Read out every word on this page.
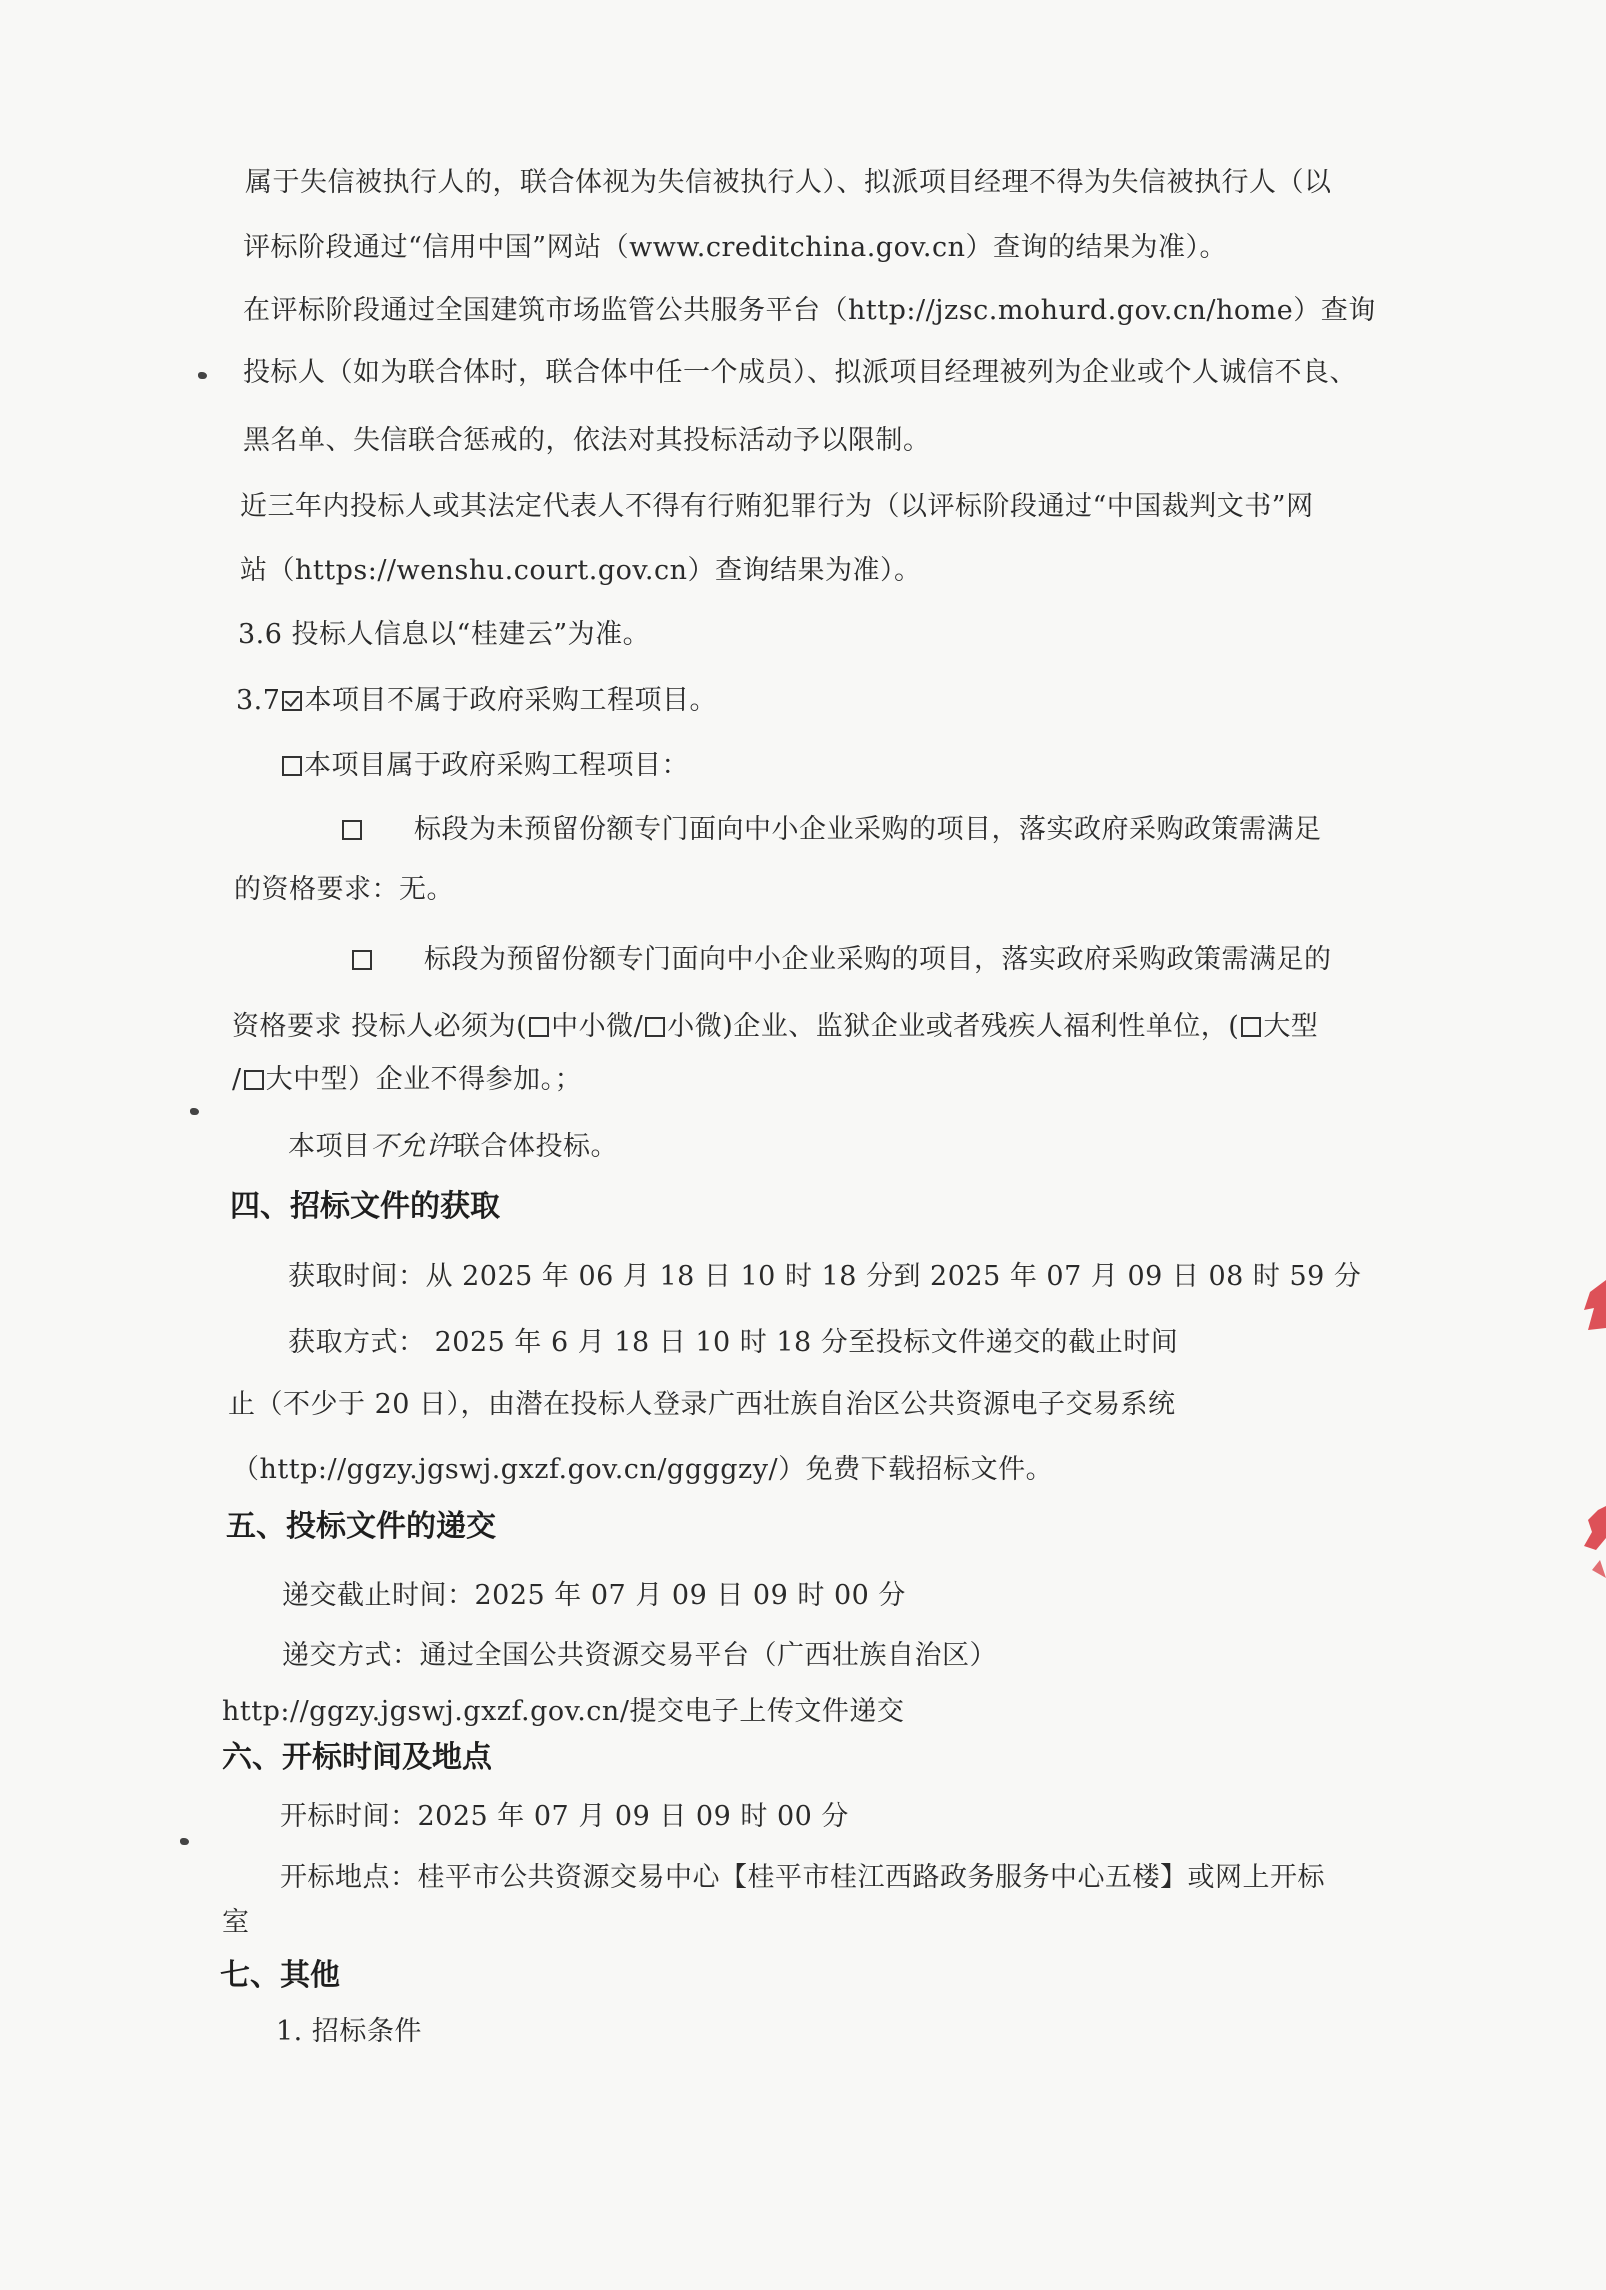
属于失信被执行人的，联合体视为失信被执行人）、拟派项目经理不得为失信被执行人（以
评标阶段通过“信用中国”网站（www.creditchina.gov.cn）查询的结果为准）。
在评标阶段通过全国建筑市场监管公共服务平台（http://jzsc.mohurd.gov.cn/home）查询
投标人（如为联合体时，联合体中任一个成员）、拟派项目经理被列为企业或个人诚信不良、
黑名单、失信联合惩戒的，依法对其投标活动予以限制。
近三年内投标人或其法定代表人不得有行贿犯罪行为（以评标阶段通过“中国裁判文书”网
站（https://wenshu.court.gov.cn）查询结果为准）。
3.6 投标人信息以“桂建云”为准。
3.7 本项目不属于政府采购工程项目。
本项目属于政府采购工程项目：
标段为未预留份额专门面向中小企业采购的项目，落实政府采购政策需满足
的资格要求：无。
标段为预留份额专门面向中小企业采购的项目，落实政府采购政策需满足的
资格要求 投标人必须为( 中小微/ 小微)企业、监狱企业或者残疾人福利性单位，( 大型
/ 大中型）企业不得参加。；
本项目不允许联合体投标。
四、招标文件的获取
获取时间：从 2025 年 06 月 18 日 10 时 18 分到 2025 年 07 月 09 日 08 时 59 分
获取方式： 2025 年 6 月 18 日 10 时 18 分至投标文件递交的截止时间
止（不少于 20 日），由潜在投标人登录广西壮族自治区公共资源电子交易系统
（http://ggzy.jgswj.gxzf.gov.cn/ggggzy/）免费下载招标文件。
五、投标文件的递交
递交截止时间：2025 年 07 月 09 日 09 时 00 分
递交方式：通过全国公共资源交易平台（广西壮族自治区）
http://ggzy.jgswj.gxzf.gov.cn/提交电子上传文件递交
六、开标时间及地点
开标时间：2025 年 07 月 09 日 09 时 00 分
开标地点：桂平市公共资源交易中心【桂平市桂江西路政务服务中心五楼】或网上开标
室
七、其他
1. 招标条件
